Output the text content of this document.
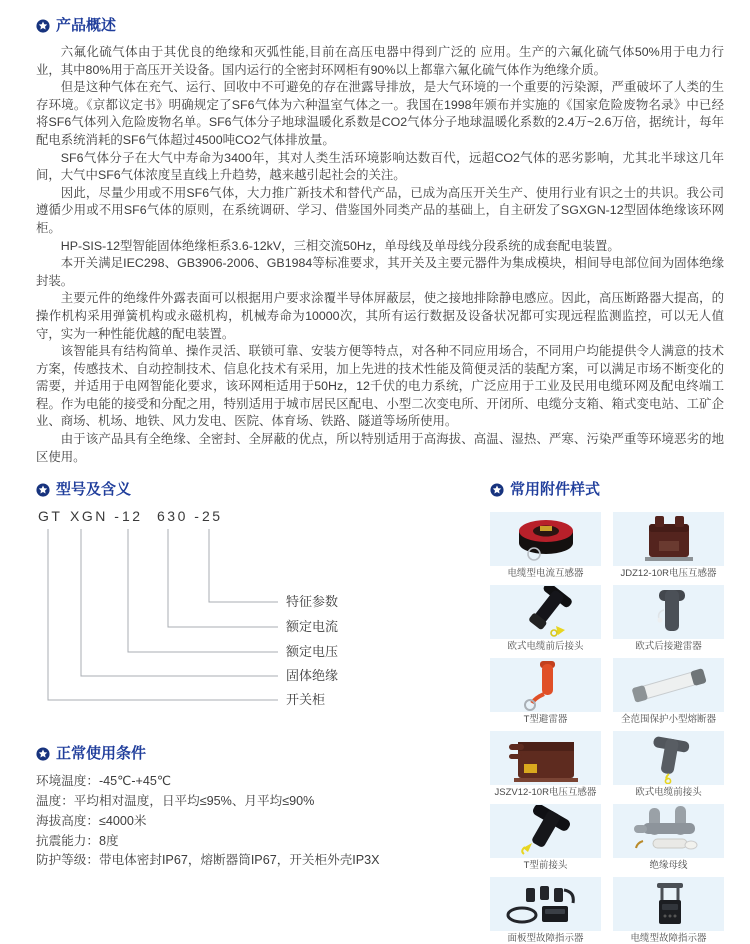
产品概述

六氟化硫气体由于其优良的绝缘和灭弧性能,目前在高压电器中得到广泛的 应用。生产的六氟化硫气体50%用于电力行业，其中80%用于高压开关设备。国内运行的全密封环网柜有90%以上都靠六氟化硫气体作为绝缘介质。

但是这种气体在充气、运行、回收中不可避免的存在泄露导排放，是大气环境的一个重要的污染源，严重破坏了人类的生存环境。《京都议定书》明确规定了SF6气体为六种温室气体之一。我国在1998年颁布并实施的《国家危险废物名录》中已经将SF6气体列入危险废物名单。SF6气体分子地球温暖化系数是CO2气体分子地球温暖化系数的2.4万~2.6万倍，据统计，每年配电系统消耗的SF6气体超过4500吨CO2气体排放量。

SF6气体分子在大气中寿命为3400年，其对人类生活环境影响达数百代，远超CO2气体的恶劣影响，尤其北半球这几年间，大气中SF6气体浓度呈直线上升趋势，越来越引起社会的关注。

因此，尽量少用或不用SF6气体，大力推广新技术和替代产品，已成为高压开关生产、使用行业有识之士的共识。我公司遵循少用或不用SF6气体的原则，在系统调研、学习、借鉴国外同类产品的基础上，自主研发了SGXGN-12型固体绝缘该环网柜。

HP-SIS-12型智能固体绝缘柜系3.6-12kV，三相交流50Hz，单母线及单母线分段系统的成套配电装置。

本开关满足IEC298、GB3906-2006、GB1984等标准要求，其开关及主要元器件为集成模块，相间导电部位间为固体绝缘封装。

主要元件的绝缘件外露表面可以根据用户要求涂覆半导体屏蔽层，使之接地排除静电感应。因此，高压断路器大提高，的操作机构采用弹簧机构或永磁机构，机械寿命为10000次，其所有运行数据及设备状况都可实现远程监测监控，可以无人值守，实为一种性能优越的配电装置。

该智能具有结构简单、操作灵活、联锁可靠、安装方便等特点，对各种不同应用场合，不同用户均能提供令人满意的技术方案，传感技术、自动控制技术、信息化技术有采用，加上先进的技术性能及简便灵活的装配方案，可以满足市场不断变化的需要，并适用于电网智能化要求，该环网柜适用于50Hz，12千伏的电力系统，广泛应用于工业及民用电缆环网及配电终端工程。作为电能的接受和分配之用，特别适用于城市居民区配电、小型二次变电所、开闭所、电缆分支箱、箱式变电站、工矿企业、商场、机场、地铁、风力发电、医院、体育场、铁路、隧道等场所使用。

由于该产品具有全绝缘、全密封、全屏蔽的优点，所以特别适用于高海拔、高温、湿热、严寒、污染严重等环境恶劣的地区使用。

型号及含义
GT XGN - 12 630 - 25
特征参数
额定电流
额定电压
固体绝缘
开关柜
正常使用条件
环境温度：-45℃-+45℃
温度：平均相对温度，日平均≤95%、月平均≤90%
海拔高度：≤4000米
抗震能力：8度
防护等级：带电体密封IP67，熔断器筒IP67，开关柜外壳IP3X
常用附件样式
电缆型电流互感器	JDZ12-10R电压互感器
欧式电缆前后接头	欧式后接避雷器
T型避雷器	全范围保护小型熔断器
JSZV12-10R电压互感器	欧式电缆前接头
T型前接头	绝缘母线
面板型故障指示器	电缆型故障指示器
